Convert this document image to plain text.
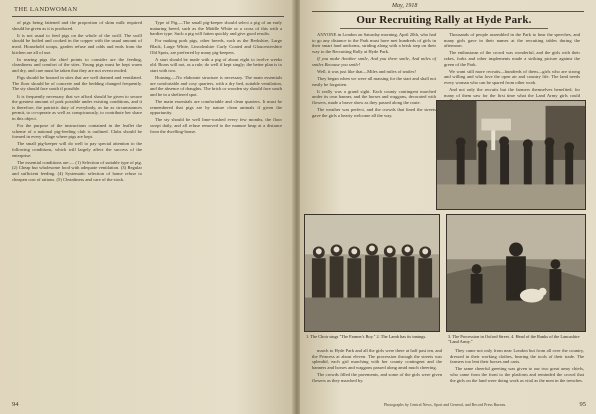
THE LANDWOMAN

of pigs being fattened and the proportion of skim milk required should be given as it is produced.

It is not usual to feed pigs on the whole of the swill. The swill should be boiled and cooked in the copper with the usual amount of meal. Household scraps, garden refuse and odds and ends from the kitchen are all of use.

In rearing pigs the chief points to consider are the feeding, cleanliness and comfort of the sties. Young pigs must be kept warm and dry, and care must be taken that they are not overcrowded.

Pigs should be housed in sties that are well drained and ventilated. The floor should be of concrete and the bedding changed frequently. The sty should face south if possible.

It is frequently necessary that we afford should be given to secure the greatest amount of pork possible under existing conditions, and it is therefore, the patriotic duty of everybody, as far as circumstances permit, to co-operate as well as conspicuously, to contribute her share in this object.

For the purpose of the instructions contained in the leaflet the scheme of a national pig-feeding club is outlined. Clubs should be formed in every village where pigs are kept.

The small pig-keeper will do well to pay special attention to the following conditions, which will largely affect the success of the enterprise:

The essential conditions are:— (1) Selection of suitable type of pig. (2) Cheap but wholesome food with adequate ventilation. (3) Regular and sufficient feeding. (4) Systematic selection of home refuse to cheapen cost of rations. (5) Cleanliness and care of the stock.

Type of Pig.—The small pig-keeper should select a pig of an early maturing breed, such as the Middle White or a cross of this with a hardier type. Such a pig will fatten quickly and give good results.

For making pork pigs, other breeds, such as the Berkshire, Large Black, Large White, Lincolnshire Curly Coated and Gloucestershire Old Spots, are preferred by many pig-keepers.

A start should be made with a pig of about eight to twelve weeks old. Boars will not, as a rule, do well if kept singly; the better plan is to start with two.

Housing.—No elaborate structure is necessary. The main essentials are comfortable and cosy quarters, with a dry bed, suitable ventilation, and the absence of draughts. The brick or wooden sty should face south and be in a sheltered spot.

The main essentials are comfortable and clean quarters. It must be remembered that pigs are by nature clean animals if given the opportunity.

The sty should be well lime-washed every few months, the floor swept daily, and all refuse removed to the manure heap at a distance from the dwelling-house.

94
May, 1918
Our Recruiting Rally at Hyde Park.

ANYONE in London on Saturday morning, April 20th, who had to go any distance to the Park must have met hundreds of girls in their smart land uniforms, striding along with a brisk step on their way to the Recruiting Rally at Hyde Park.

If you make Another smile, And you there smile, And miles of smiles Because you smile!

Well, it was just like that—Miles and miles of smiles!

They began when we were all massing for the start and shall not easily be forgotten.

It really was a grand sight. Each county contingent marched under its own banner, and the horses and waggons, decorated with flowers, made a brave show as they passed along the route.

The weather was perfect, and the crowds that lined the streets gave the girls a hearty welcome all the way.

Thousands of people assembled in the Park to hear the speeches, and many girls gave in their names at the recruiting tables during the afternoon.

The enthusiasm of the crowd was wonderful, and the girls with their rakes, forks and other implements made a striking picture against the green of the Park.

We want still more recruits—hundreds of them—girls who are strong and willing and who love the open air and country life. The land needs every woman who can be spared from other work.

And not only the recruits but the farmers themselves benefited, for many of them saw for the first time what the Land Army girls could

1. The Choir sings "The Farmer's Boy." 2. The Lamb has its innings.	3. The Procession in Oxford Street. 4. Head of the Ranks of the Lancashire "Land Army."

march to Hyde Park and all the girls were there at half past ten, and the Princess at about eleven. The procession through the streets was splendid, each girl marching with her county contingent and the banners and horses and waggons passed along amid much cheering.

The crowds filled the pavements, and some of the girls were given flowers as they marched by.

They came not only from near London but from all over the country, dressed in their working clothes, bearing the tools of their trade. The farmers too lent their horses and carts.

The same cheerful greeting was given to our two great army chiefs, who came from the front to the platform and reminded the crowd that the girls on the land were doing work as vital as the men in the trenches.

Photographs by Central News, Sport and General, and Record Press Bureau.	95
